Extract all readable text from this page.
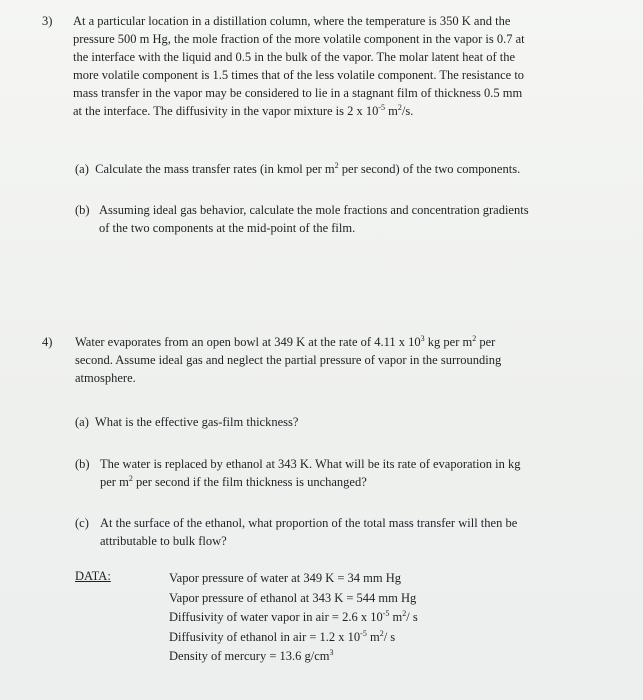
3) At a particular location in a distillation column, where the temperature is 350 K and the
pressure 500 m Hg, the mole fraction of the more volatile component in the vapor is 0.7 at
the interface with the liquid and 0.5 in the bulk of the vapor. The molar latent heat of the
more volatile component is 1.5 times that of the less volatile component. The resistance to
mass transfer in the vapor may be considered to lie in a stagnant film of thickness 0.5 mm
at the interface. The diffusivity in the vapor mixture is 2 x $10^{-5}$ $m^2/s$.
(a) Calculate the mass transfer rates (in kmol per $m^2$ per second) of the two components.
(b) Assuming ideal gas behavior, calculate the mole fractions and concentration gradients
of the two components at the mid-point of the film.
4) Water evaporates from an open bowl at 349 K at the rate of 4.11 x $10^3$ kg per $m^2$ per
second. Assume ideal gas and neglect the partial pressure of vapor in the surrounding
atmosphere.
(a) What is the effective gas-film thickness?
(b) The water is replaced by ethanol at 343 K. What will be its rate of evaporation in kg
per $m^2$ per second if the film thickness is unchanged?
(c) At the surface of the ethanol, what proportion of the total mass transfer will then be
attributable to bulk flow?
DATA:	Vapor pressure of water at 349 K = 34 mm Hg
Vapor pressure of ethanol at 343 K = 544 mm Hg
Diffusivity of water vapor in air = 2.6 x $10^{-5}$ $m^2/$ s
Diffusivity of ethanol in air = 1.2 x $10^{-5}$ $m^2/$ s
Density of mercury = 13.6 $g/cm^3$
